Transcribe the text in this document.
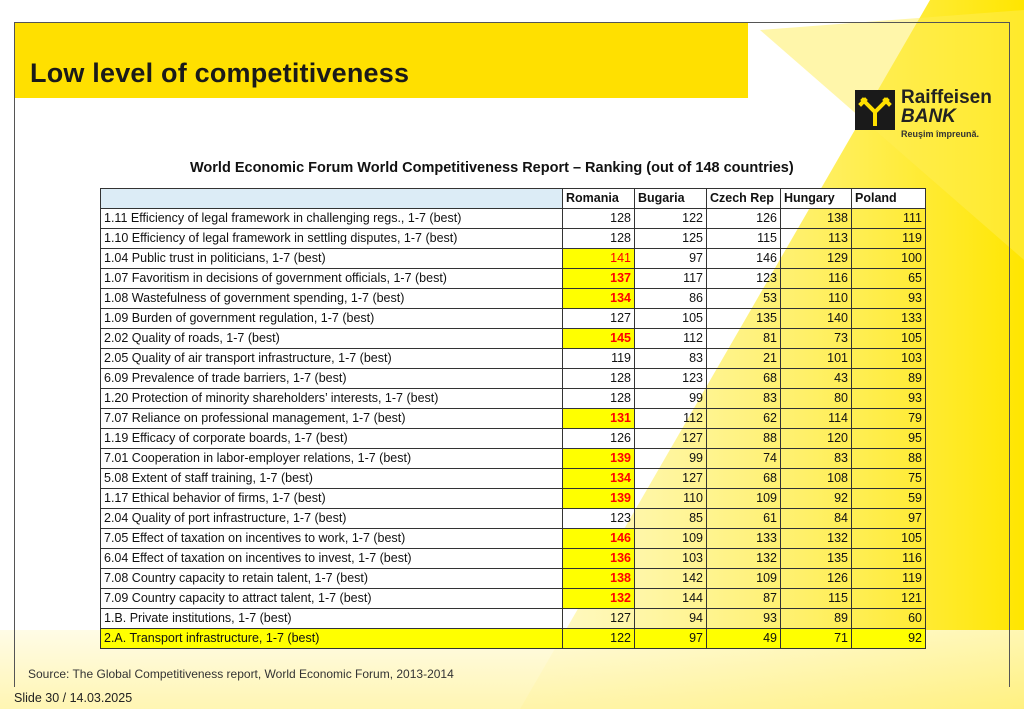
Low level of competitiveness
Raiffeisen
BANK
Reuşim împreună.
World Economic Forum World Competitiveness Report – Ranking (out of 148 countries)
	Romania	Bugaria	Czech Rep	Hungary	Poland
1.11 Efficiency of legal framework in challenging regs., 1-7 (best)	128	122	126	138	111
1.10 Efficiency of legal framework in settling disputes, 1-7 (best)	128	125	115	113	119
1.04 Public trust in politicians, 1-7 (best)	141	97	146	129	100
1.07 Favoritism in decisions of government officials, 1-7 (best)	137	117	123	116	65
1.08 Wastefulness of government spending, 1-7 (best)	134	86	53	110	93
1.09 Burden of government regulation, 1-7 (best)	127	105	135	140	133
2.02 Quality of roads, 1-7 (best)	145	112	81	73	105
2.05 Quality of air transport infrastructure, 1-7 (best)	119	83	21	101	103
6.09 Prevalence of trade barriers, 1-7 (best)	128	123	68	43	89
1.20 Protection of minority shareholders’ interests, 1-7 (best)	128	99	83	80	93
7.07 Reliance on professional management, 1-7 (best)	131	112	62	114	79
1.19 Efficacy of corporate boards, 1-7 (best)	126	127	88	120	95
7.01 Cooperation in labor-employer relations, 1-7 (best)	139	99	74	83	88
5.08 Extent of staff training, 1-7 (best)	134	127	68	108	75
1.17 Ethical behavior of firms, 1-7 (best)	139	110	109	92	59
2.04 Quality of port infrastructure, 1-7 (best)	123	85	61	84	97
7.05 Effect of taxation on incentives to work, 1-7 (best)	146	109	133	132	105
6.04 Effect of taxation on incentives to invest, 1-7 (best)	136	103	132	135	116
7.08 Country capacity to retain talent, 1-7 (best)	138	142	109	126	119
7.09 Country capacity to attract talent, 1-7 (best)	132	144	87	115	121
1.B. Private institutions, 1-7 (best)	127	94	93	89	60
2.A. Transport infrastructure, 1-7 (best)	122	97	49	71	92
Source: The Global Competitiveness report, World Economic Forum, 2013-2014
Slide 30 / 14.03.2025
